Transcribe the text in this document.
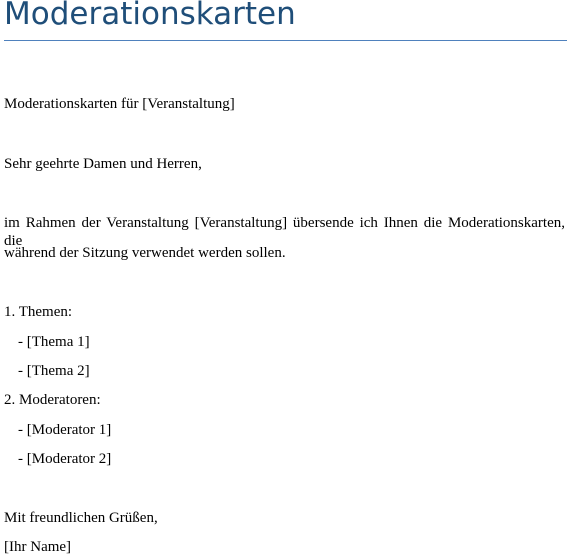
Moderationskarten

Moderationskarten für [Veranstaltung]

Sehr geehrte Damen und Herren,

im Rahmen der Veranstaltung [Veranstaltung] übersende ich Ihnen die Moderationskarten, die

während der Sitzung verwendet werden sollen.

1. Themen:

- [Thema 1]

- [Thema 2]

2. Moderatoren:

- [Moderator 1]

- [Moderator 2]

Mit freundlichen Grüßen,

[Ihr Name]
